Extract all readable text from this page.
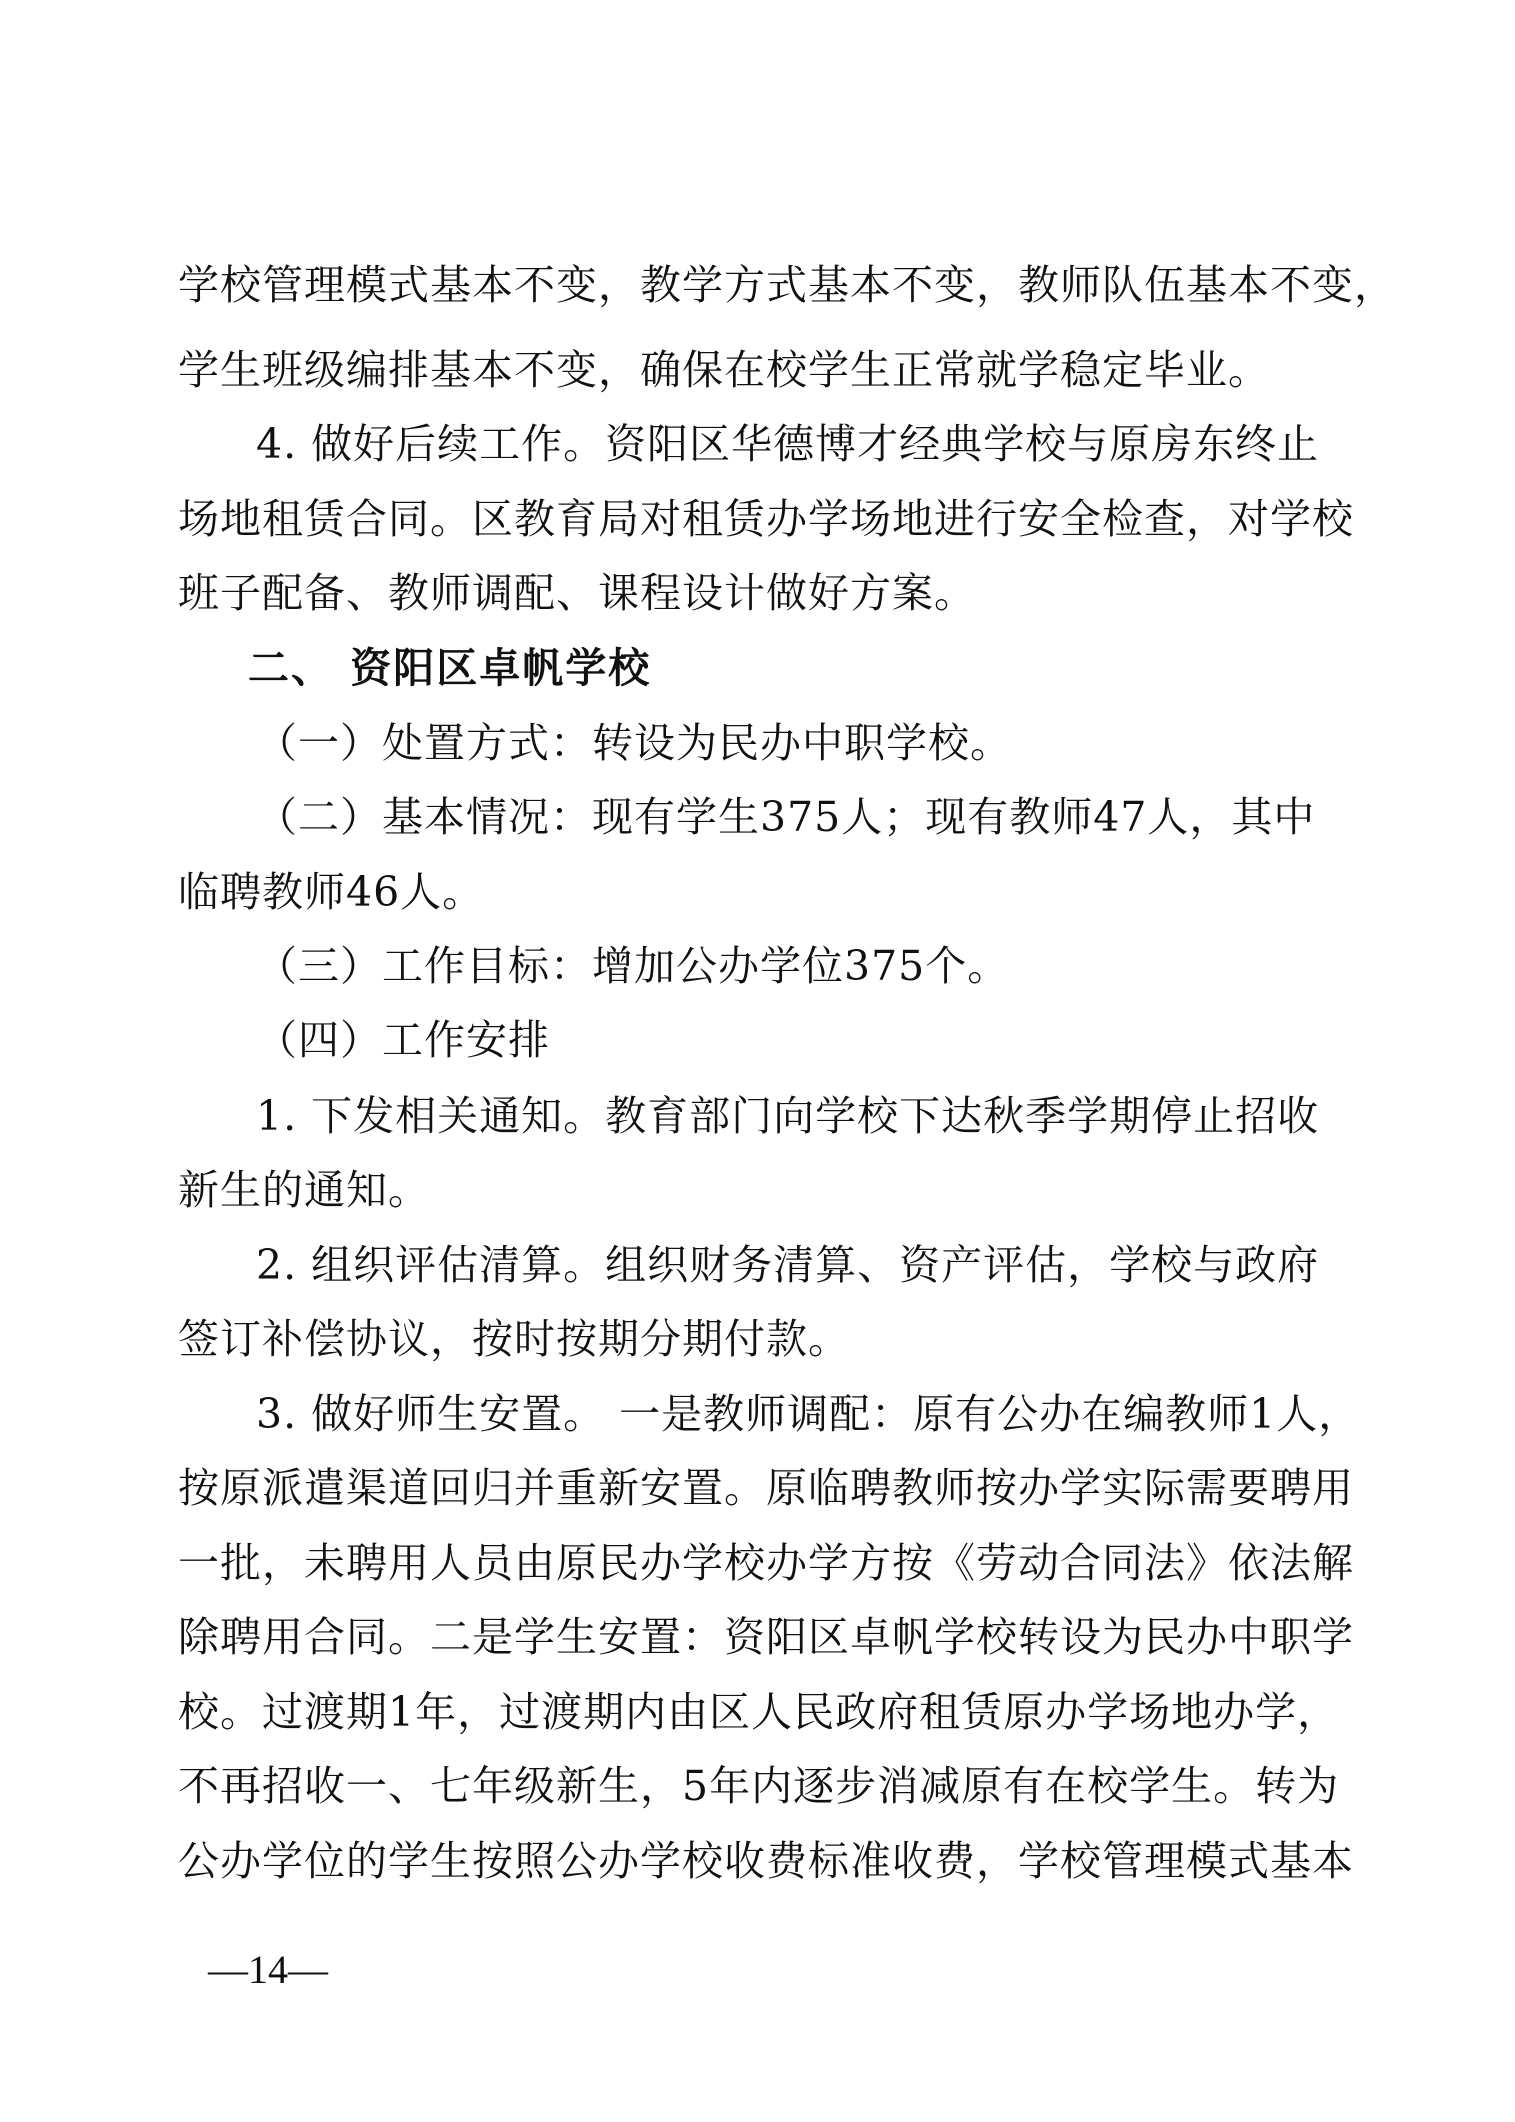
学校管理模式基本不变，教学方式基本不变，教师队伍基本不变，
学生班级编排基本不变，确保在校学生正常就学稳定毕业。
4. 做好后续工作。资阳区华德博才经典学校与原房东终止
场地租赁合同。区教育局对租赁办学场地进行安全检查，对学校
班子配备、教师调配、课程设计做好方案。
二、 资阳区卓帆学校
（一）处置方式：转设为民办中职学校。
（二）基本情况：现有学生375人；现有教师47人，其中
临聘教师46人。
（三）工作目标：增加公办学位375个。
（四）工作安排
1. 下发相关通知。教育部门向学校下达秋季学期停止招收
新生的通知。
2. 组织评估清算。组织财务清算、资产评估，学校与政府
签订补偿协议，按时按期分期付款。
3. 做好师生安置。 一是教师调配：原有公办在编教师1人，
按原派遣渠道回归并重新安置。原临聘教师按办学实际需要聘用
一批，未聘用人员由原民办学校办学方按《劳动合同法》依法解
除聘用合同。二是学生安置：资阳区卓帆学校转设为民办中职学
校。过渡期1年，过渡期内由区人民政府租赁原办学场地办学，
不再招收一、七年级新生，5年内逐步消减原有在校学生。转为
公办学位的学生按照公办学校收费标准收费，学校管理模式基本
—14—
